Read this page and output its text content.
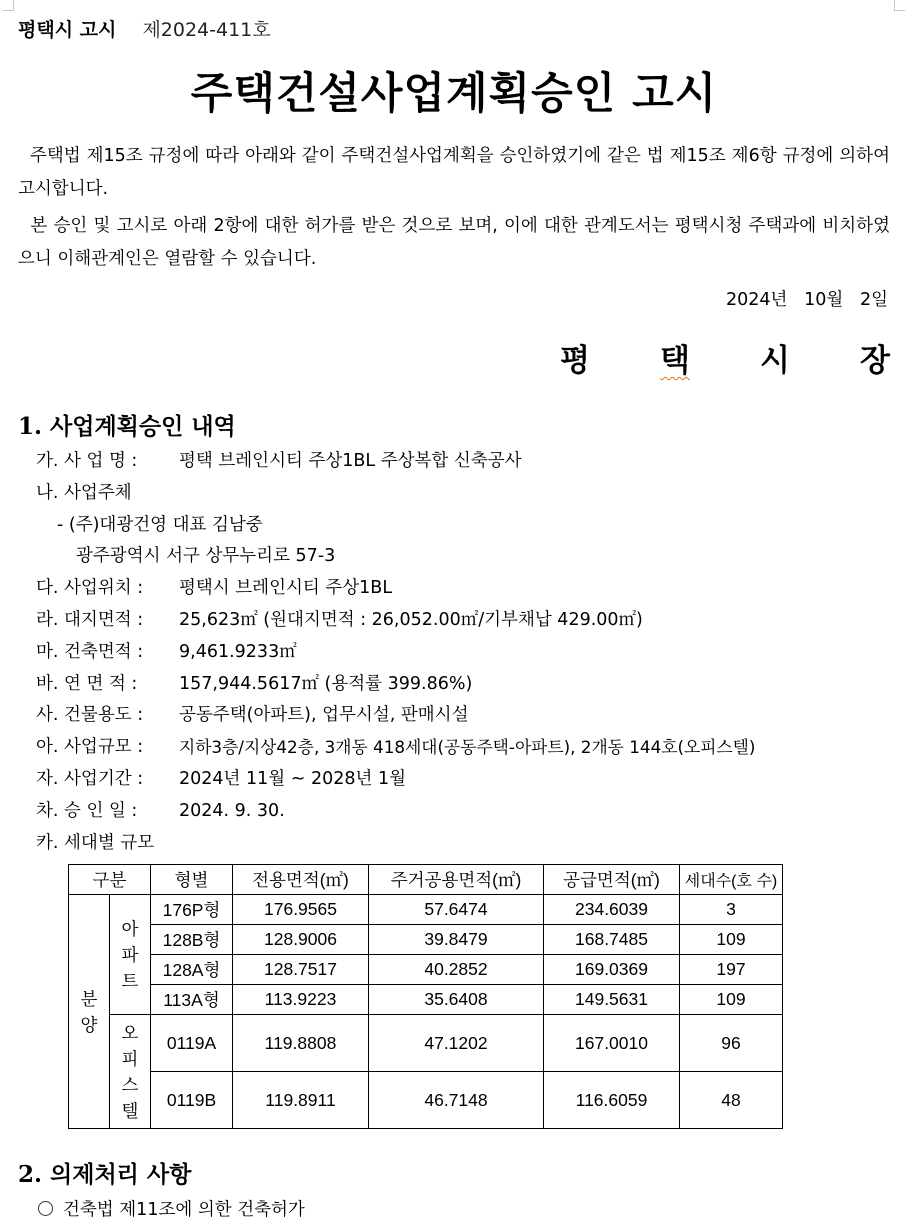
평택시 고시 제2024-411호
주택건설사업계획승인 고시
주택법 제15조 규정에 따라 아래와 같이 주택건설사업계획을 승인하였기에 같은 법 제15조 제6항 규정에 의하여 고시합니다.
본 승인 및 고시로 아래 2항에 대한 허가를 받은 것으로 보며, 이에 대한 관계도서는 평택시청 주택과에 비치하였으니 이해관계인은 열람할 수 있습니다.
2024년   10월   2일
평 택 시 장
1. 사업계획승인 내역
가. 사 업 명 :	평택 브레인시티 주상1BL 주상복합 신축공사
나. 사업주체
- (주)대광건영 대표 김남중
광주광역시 서구 상무누리로 57-3
다. 사업위치 :	평택시 브레인시티 주상1BL
라. 대지면적 :	25,623㎡ (원대지면적 : 26,052.00㎡/기부채납 429.00㎡)
마. 건축면적 :	9,461.9233㎡
바. 연 면 적 :	157,944.5617㎡ (용적률 399.86%)
사. 건물용도 :	공동주택(아파트), 업무시설, 판매시설
아. 사업규모 :	지하3층/지상42층, 3개동 418세대(공동주택-아파트), 2개동 144호(오피스텔)
자. 사업기간 :	2024년 11월 ~ 2028년 1월
차. 승 인 일 :	2024. 9. 30.
카. 세대별 규모
구분		형별	전용면적(㎡)	주거공용면적(㎡)	공급면적(㎡)	세대수(호 수)
분양	아파트	176P형	176.9565	57.6474	234.6039	3
		128B형	128.9006	39.8479	168.7485	109
		128A형	128.7517	40.2852	169.0369	197
		113A형	113.9223	35.6408	149.5631	109
	오피스텔	0119A	119.8808	47.1202	167.0010	96
		0119B	119.8911	46.7148	116.6059	48
2. 의제처리 사항
건축법 제11조에 의한 건축허가
